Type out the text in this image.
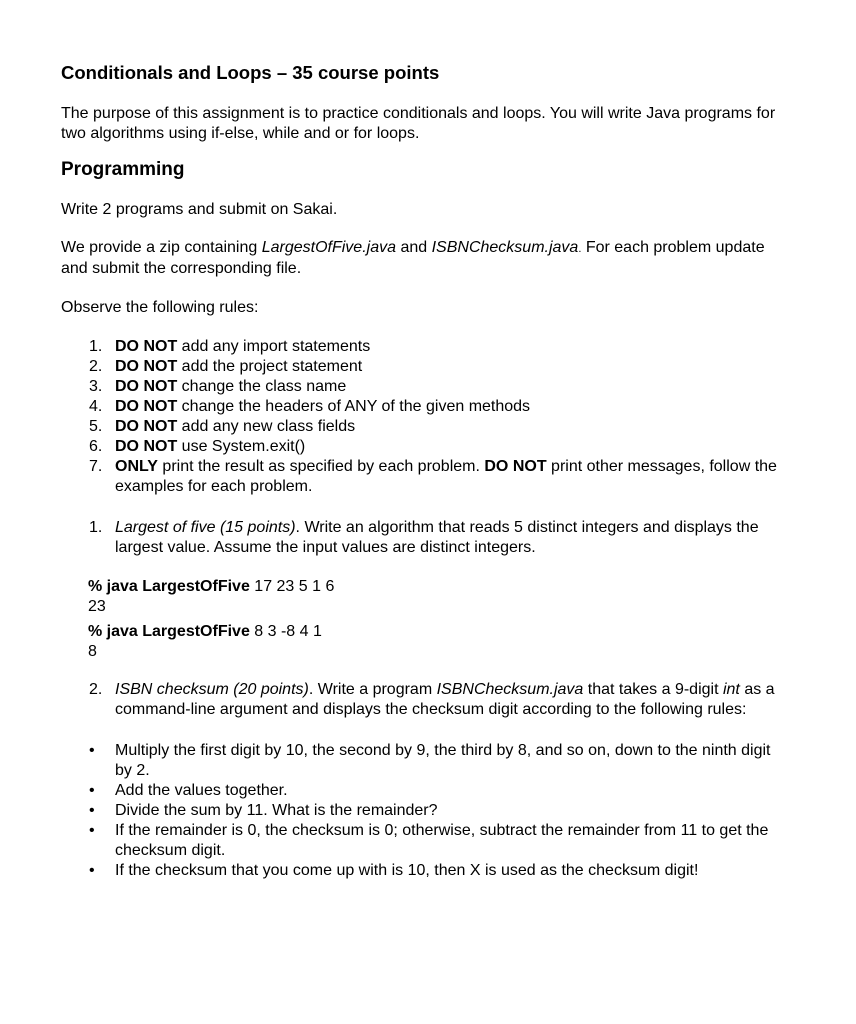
Conditionals and Loops – 35 course points

The purpose of this assignment is to practice conditionals and loops. You will write Java programs for two algorithms using if-else, while and or for loops.

Programming

Write 2 programs and submit on Sakai.

We provide a zip containing LargestOfFive.java and ISBNChecksum.java. For each problem update and submit the corresponding file.

Observe the following rules:

1. DO NOT add any import statements
2. DO NOT add the project statement
3. DO NOT change the class name
4. DO NOT change the headers of ANY of the given methods
5. DO NOT add any new class fields
6. DO NOT use System.exit()
7. ONLY print the result as specified by each problem. DO NOT print other messages, follow the examples for each problem.
1. Largest of five (15 points). Write an algorithm that reads 5 distinct integers and displays the largest value. Assume the input values are distinct integers.
% java LargestOfFive 17 23 5 1 6
23
% java LargestOfFive 8 3 -8 4 1
8
2. ISBN checksum (20 points). Write a program ISBNChecksum.java that takes a 9-digit int as a command-line argument and displays the checksum digit according to the following rules:
• Multiply the first digit by 10, the second by 9, the third by 8, and so on, down to the ninth digit by 2.
• Add the values together.
• Divide the sum by 11. What is the remainder?
• If the remainder is 0, the checksum is 0; otherwise, subtract the remainder from 11 to get the checksum digit.
• If the checksum that you come up with is 10, then X is used as the checksum digit!
